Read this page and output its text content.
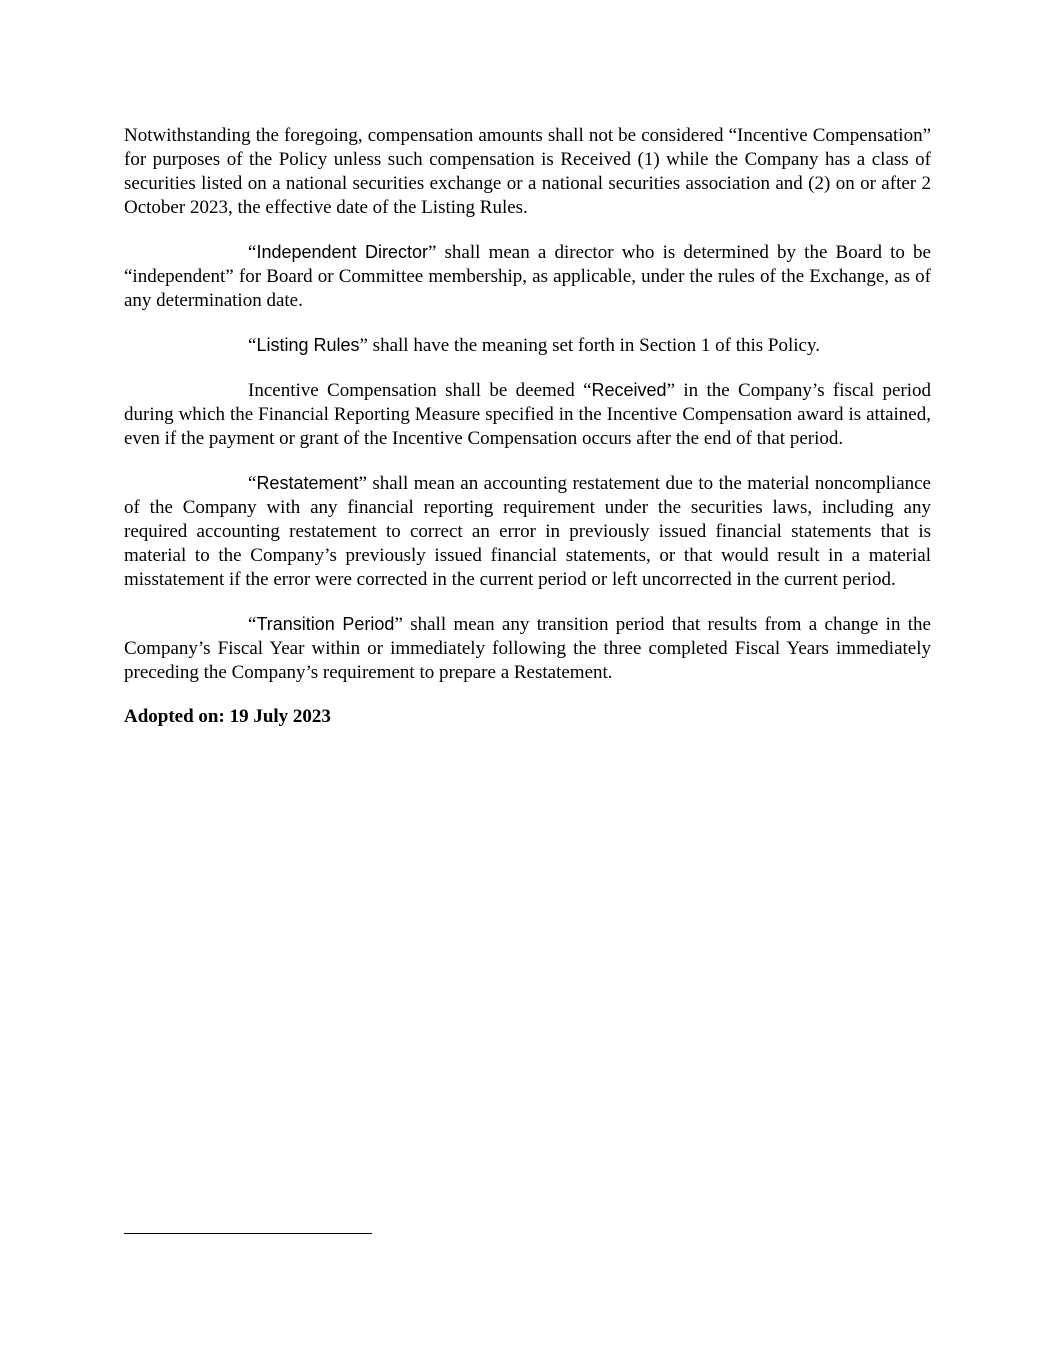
Notwithstanding the foregoing, compensation amounts shall not be considered “Incentive Compensation” for purposes of the Policy unless such compensation is Received (1) while the Company has a class of securities listed on a national securities exchange or a national securities association and (2) on or after 2 October 2023, the effective date of the Listing Rules.

“Independent Director” shall mean a director who is determined by the Board to be “independent” for Board or Committee membership, as applicable, under the rules of the Exchange, as of any determination date.

“Listing Rules” shall have the meaning set forth in Section 1 of this Policy.

Incentive Compensation shall be deemed “Received” in the Company’s fiscal period during which the Financial Reporting Measure specified in the Incentive Compensation award is attained, even if the payment or grant of the Incentive Compensation occurs after the end of that period.

“Restatement” shall mean an accounting restatement due to the material noncompliance of the Company with any financial reporting requirement under the securities laws, including any required accounting restatement to correct an error in previously issued financial statements that is material to the Company’s previously issued financial statements, or that would result in a material misstatement if the error were corrected in the current period or left uncorrected in the current period.

“Transition Period” shall mean any transition period that results from a change in the Company’s Fiscal Year within or immediately following the three completed Fiscal Years immediately preceding the Company’s requirement to prepare a Restatement.

Adopted on: 19 July 2023
